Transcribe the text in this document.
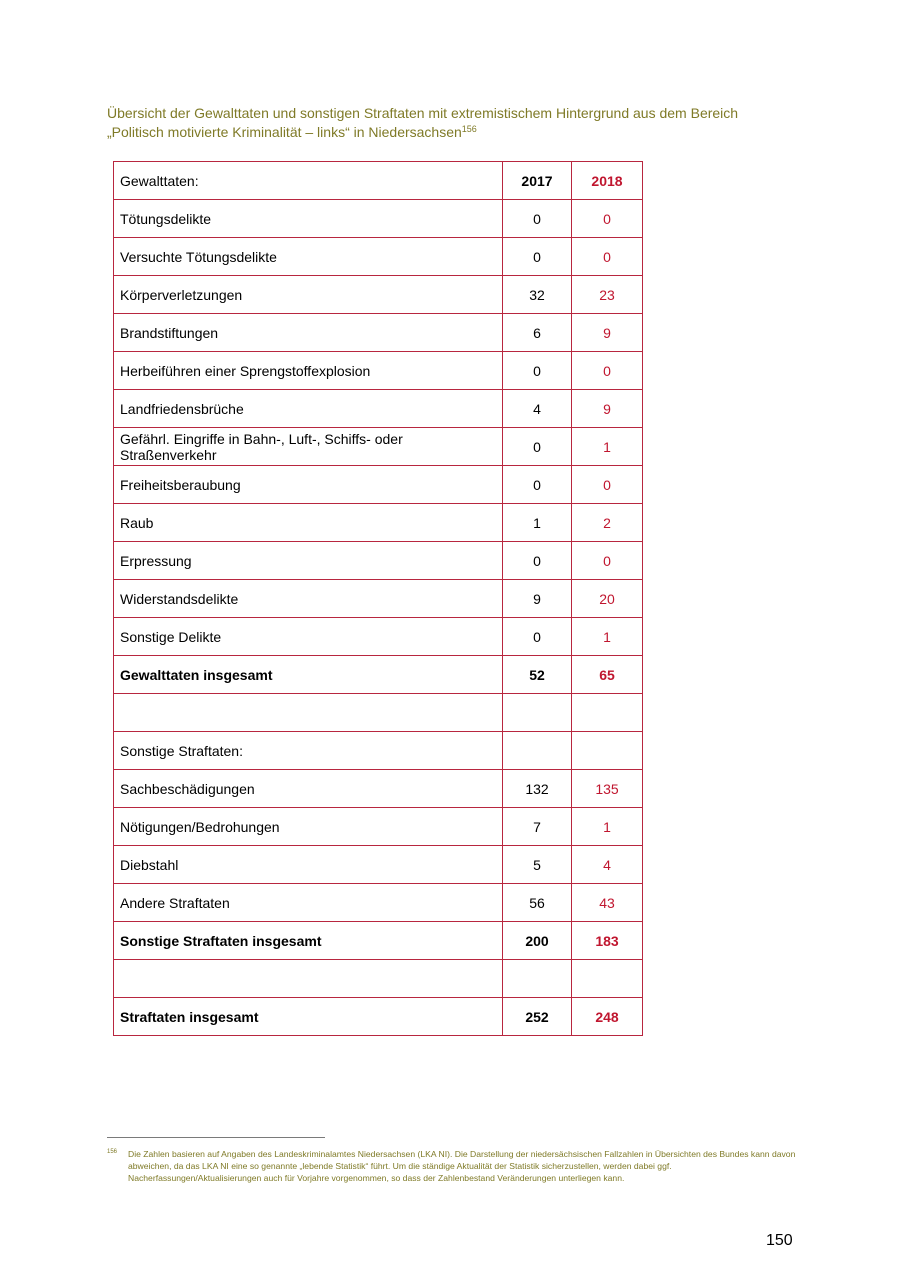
Übersicht der Gewalttaten und sonstigen Straftaten mit extremistischem Hintergrund aus dem Bereich „Politisch motivierte Kriminalität – links“ in Niedersachsen$^{156}$
Gewalttaten:	2017	2018
Tötungsdelikte	0	0
Versuchte Tötungsdelikte	0	0
Körperverletzungen	32	23
Brandstiftungen	6	9
Herbeiführen einer Sprengstoffexplosion	0	0
Landfriedensbrüche	4	9
Gefährl. Eingriffe in Bahn-, Luft-, Schiffs- oder Straßenverkehr	0	1
Freiheitsberaubung	0	0
Raub	1	2
Erpressung	0	0
Widerstandsdelikte	9	20
Sonstige Delikte	0	1
Gewalttaten insgesamt	52	65

Sonstige Straftaten:		
Sachbeschädigungen	132	135
Nötigungen/Bedrohungen	7	1
Diebstahl	5	4
Andere Straftaten	56	43
Sonstige Straftaten insgesamt	200	183

Straftaten insgesamt	252	248
156 Die Zahlen basieren auf Angaben des Landeskriminalamtes Niedersachsen (LKA NI). Die Darstellung der niedersächsischen Fallzahlen in Übersichten des Bundes kann davon abweichen, da das LKA NI eine so genannte „lebende Statistik“ führt. Um die ständige Aktualität der Statistik sicherzustellen, werden dabei ggf. Nacherfassungen/Aktualisierungen auch für Vorjahre vorgenommen, so dass der Zahlenbestand Veränderungen unterliegen kann.
150
